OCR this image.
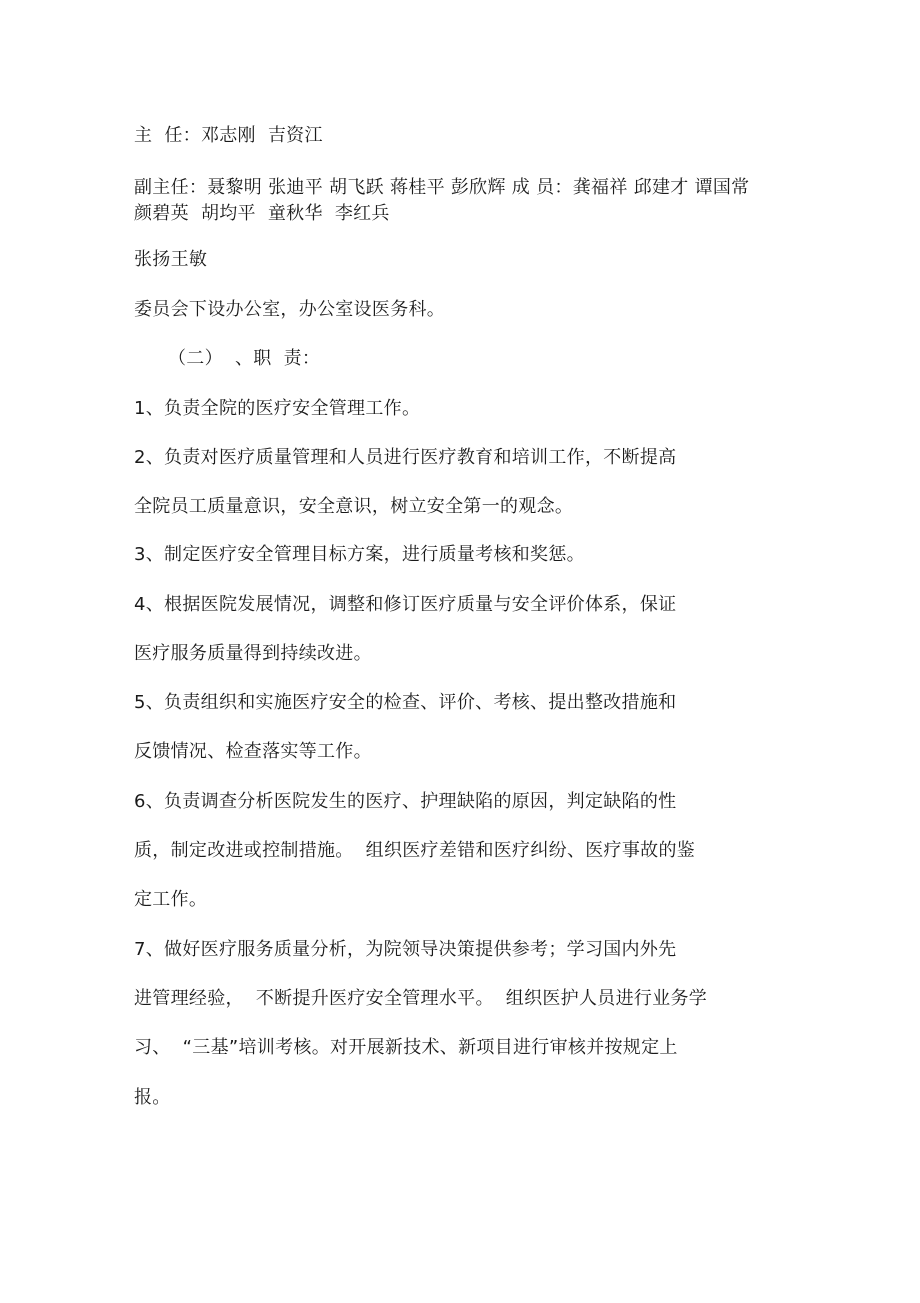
主  任：邓志刚  吉资江
副主任：聂黎明 张迪平 胡飞跃 蒋桂平 彭欣辉 成 员：龚福祥 邱建才 谭国常
颜碧英  胡均平  童秋华  李红兵
张扬王敏
委员会下设办公室，办公室设医务科。
（二）  、职  责：
1、负责全院的医疗安全管理工作。
2、负责对医疗质量管理和人员进行医疗教育和培训工作，不断提高
全院员工质量意识，安全意识，树立安全第一的观念。
3、制定医疗安全管理目标方案，进行质量考核和奖惩。
4、根据医院发展情况，调整和修订医疗质量与安全评价体系，保证
医疗服务质量得到持续改进。
5、负责组织和实施医疗安全的检查、评价、考核、提出整改措施和
反馈情况、检查落实等工作。
6、负责调查分析医院发生的医疗、护理缺陷的原因，判定缺陷的性
质，制定改进或控制措施。  组织医疗差错和医疗纠纷、医疗事故的鉴
定工作。
7、做好医疗服务质量分析，为院领导决策提供参考；学习国内外先
进管理经验，  不断提升医疗安全管理水平。  组织医护人员进行业务学
习、  “三基”培训考核。对开展新技术、新项目进行审核并按规定上
报。
